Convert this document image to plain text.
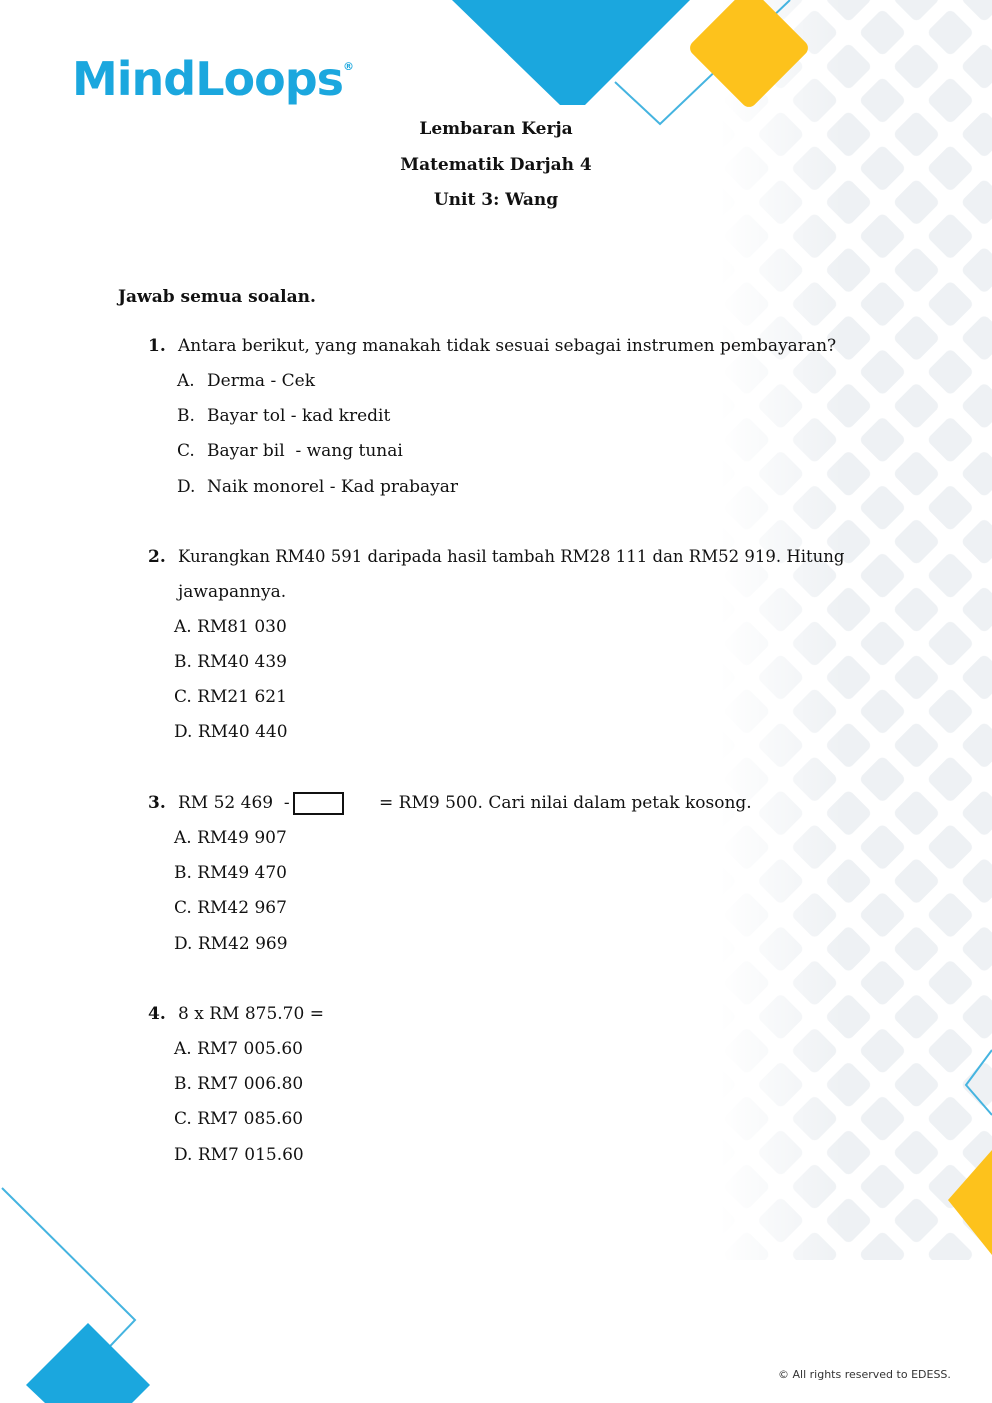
MindLoops®
Lembaran Kerja
Matematik Darjah 4
Unit 3: Wang
Jawab semua soalan.
1. Antara berikut, yang manakah tidak sesuai sebagai instrumen pembayaran?
A. Derma - Cek
B. Bayar tol - kad kredit
C. Bayar bil  - wang tunai
D. Naik monorel - Kad prabayar
2. Kurangkan RM40 591 daripada hasil tambah RM28 111 dan RM52 919. Hitung
jawapannya.
A. RM81 030
B. RM40 439
C. RM21 621
D. RM40 440
3. RM 52 469  -	= RM9 500. Cari nilai dalam petak kosong.
A. RM49 907
B. RM49 470
C. RM42 967
D. RM42 969
4. 8 x RM 875.70 =
A. RM7 005.60
B. RM7 006.80
C. RM7 085.60
D. RM7 015.60
© All rights reserved to EDESS.
